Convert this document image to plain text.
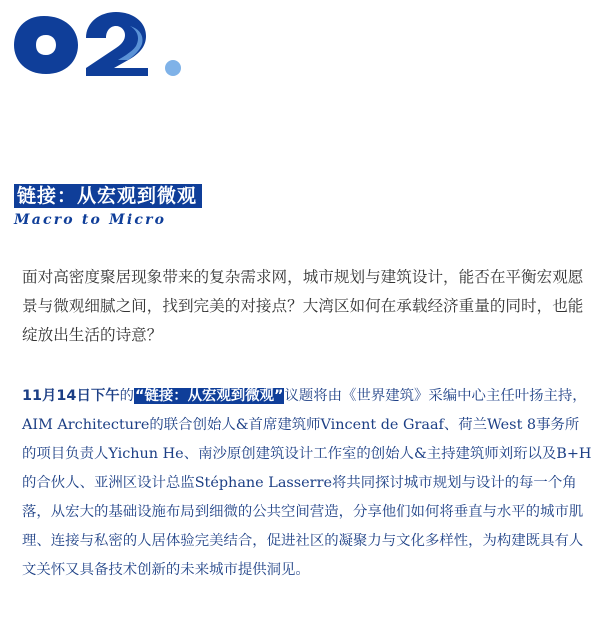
链接：从宏观到微观
Macro to Micro

面对高密度聚居现象带来的复杂需求网，城市规划与建筑设计，能否在平衡宏观愿景与微观细腻之间，找到完美的对接点？大湾区如何在承载经济重量的同时，也能绽放出生活的诗意？

11月14日下午的“链接：从宏观到微观”议题将由《世界建筑》采编中心主任叶扬主持，AIM Architecture的联合创始人&首席建筑师Vincent de Graaf、荷兰West 8事务所的项目负责人Yichun He、南沙原创建筑设计工作室的创始人&主持建筑师刘珩以及B+H的合伙人、亚洲区设计总监Stéphane Lasserre将共同探讨城市规划与设计的每一个角落，从宏大的基础设施布局到细微的公共空间营造，分享他们如何将垂直与水平的城市肌理、连接与私密的人居体验完美结合，促进社区的凝聚力与文化多样性，为构建既具有人文关怀又具备技术创新的未来城市提供洞见。
